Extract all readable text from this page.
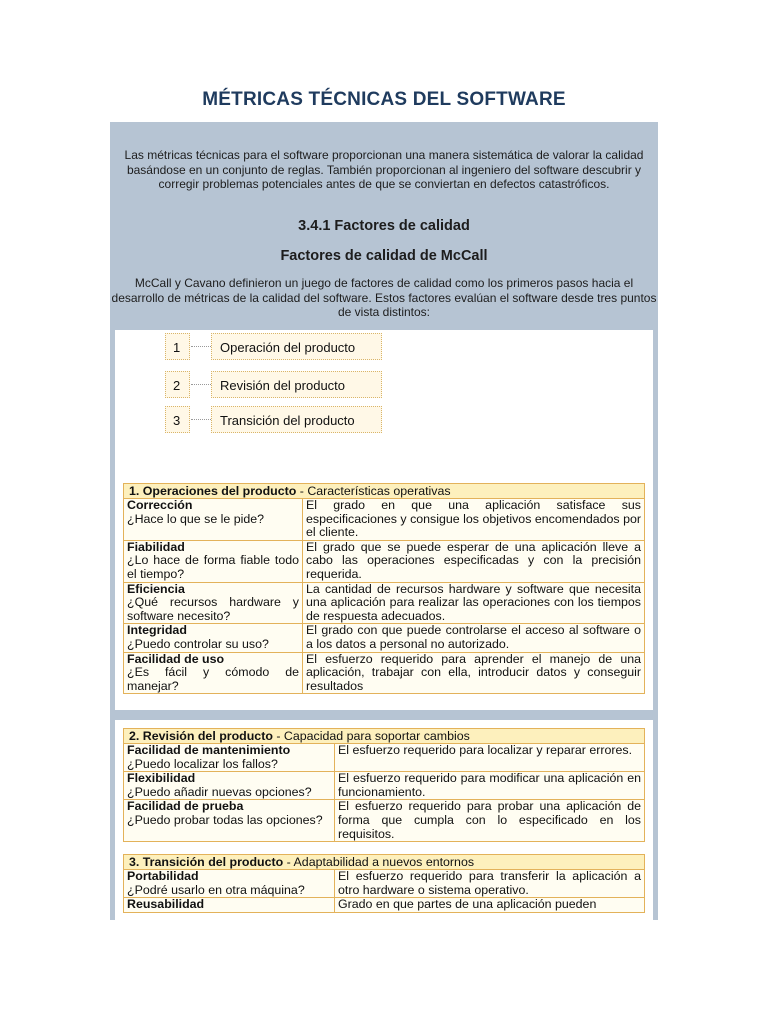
MÉTRICAS TÉCNICAS DEL SOFTWARE
Las métricas técnicas para el software proporcionan una manera sistemática de valorar la calidad basándose en un conjunto de reglas. También proporcionan al ingeniero del software descubrir y corregir problemas potenciales antes de que se conviertan en defectos catastróficos.
3.4.1 Factores de calidad
Factores de calidad de McCall
McCall y Cavano definieron un juego de factores de calidad como los primeros pasos hacia el desarrollo de métricas de la calidad del software. Estos factores evalúan el software desde tres puntos de vista distintos:
1	Operación del producto
2	Revisión del producto
3	Transición del producto
1. Operaciones del producto - Características operativas	

Corrección
¿Hace lo que se le pide?	El grado en que una aplicación satisface sus especificaciones y consigue los objetivos encomendados por el cliente.

Fiabilidad
¿Lo hace de forma fiable todo el tiempo?	El grado que se puede esperar de una aplicación lleve a cabo las operaciones especificadas y con la precisión requerida.

Eficiencia
¿Qué recursos hardware y software necesito?	La cantidad de recursos hardware y software que necesita una aplicación para realizar las operaciones con los tiempos de respuesta adecuados.

Integridad
¿Puedo controlar su uso?	El grado con que puede controlarse el acceso al software o a los datos a personal no autorizado.

Facilidad de uso
¿Es fácil y cómodo de manejar?	El esfuerzo requerido para aprender el manejo de una aplicación, trabajar con ella, introducir datos y conseguir resultados
2. Revisión del producto - Capacidad para soportar cambios	

Facilidad de mantenimiento
¿Puedo localizar los fallos?	El esfuerzo requerido para localizar y reparar errores.

Flexibilidad
¿Puedo añadir nuevas opciones?	El esfuerzo requerido para modificar una aplicación en funcionamiento.

Facilidad de prueba
¿Puedo probar todas las opciones?	El esfuerzo requerido para probar una aplicación de forma que cumpla con lo especificado en los requisitos.
3. Transición del producto - Adaptabilidad a nuevos entornos	

Portabilidad
¿Podré usarlo en otra máquina?	El esfuerzo requerido para transferir la aplicación a otro hardware o sistema operativo.

Reusabilidad	Grado en que partes de una aplicación pueden
